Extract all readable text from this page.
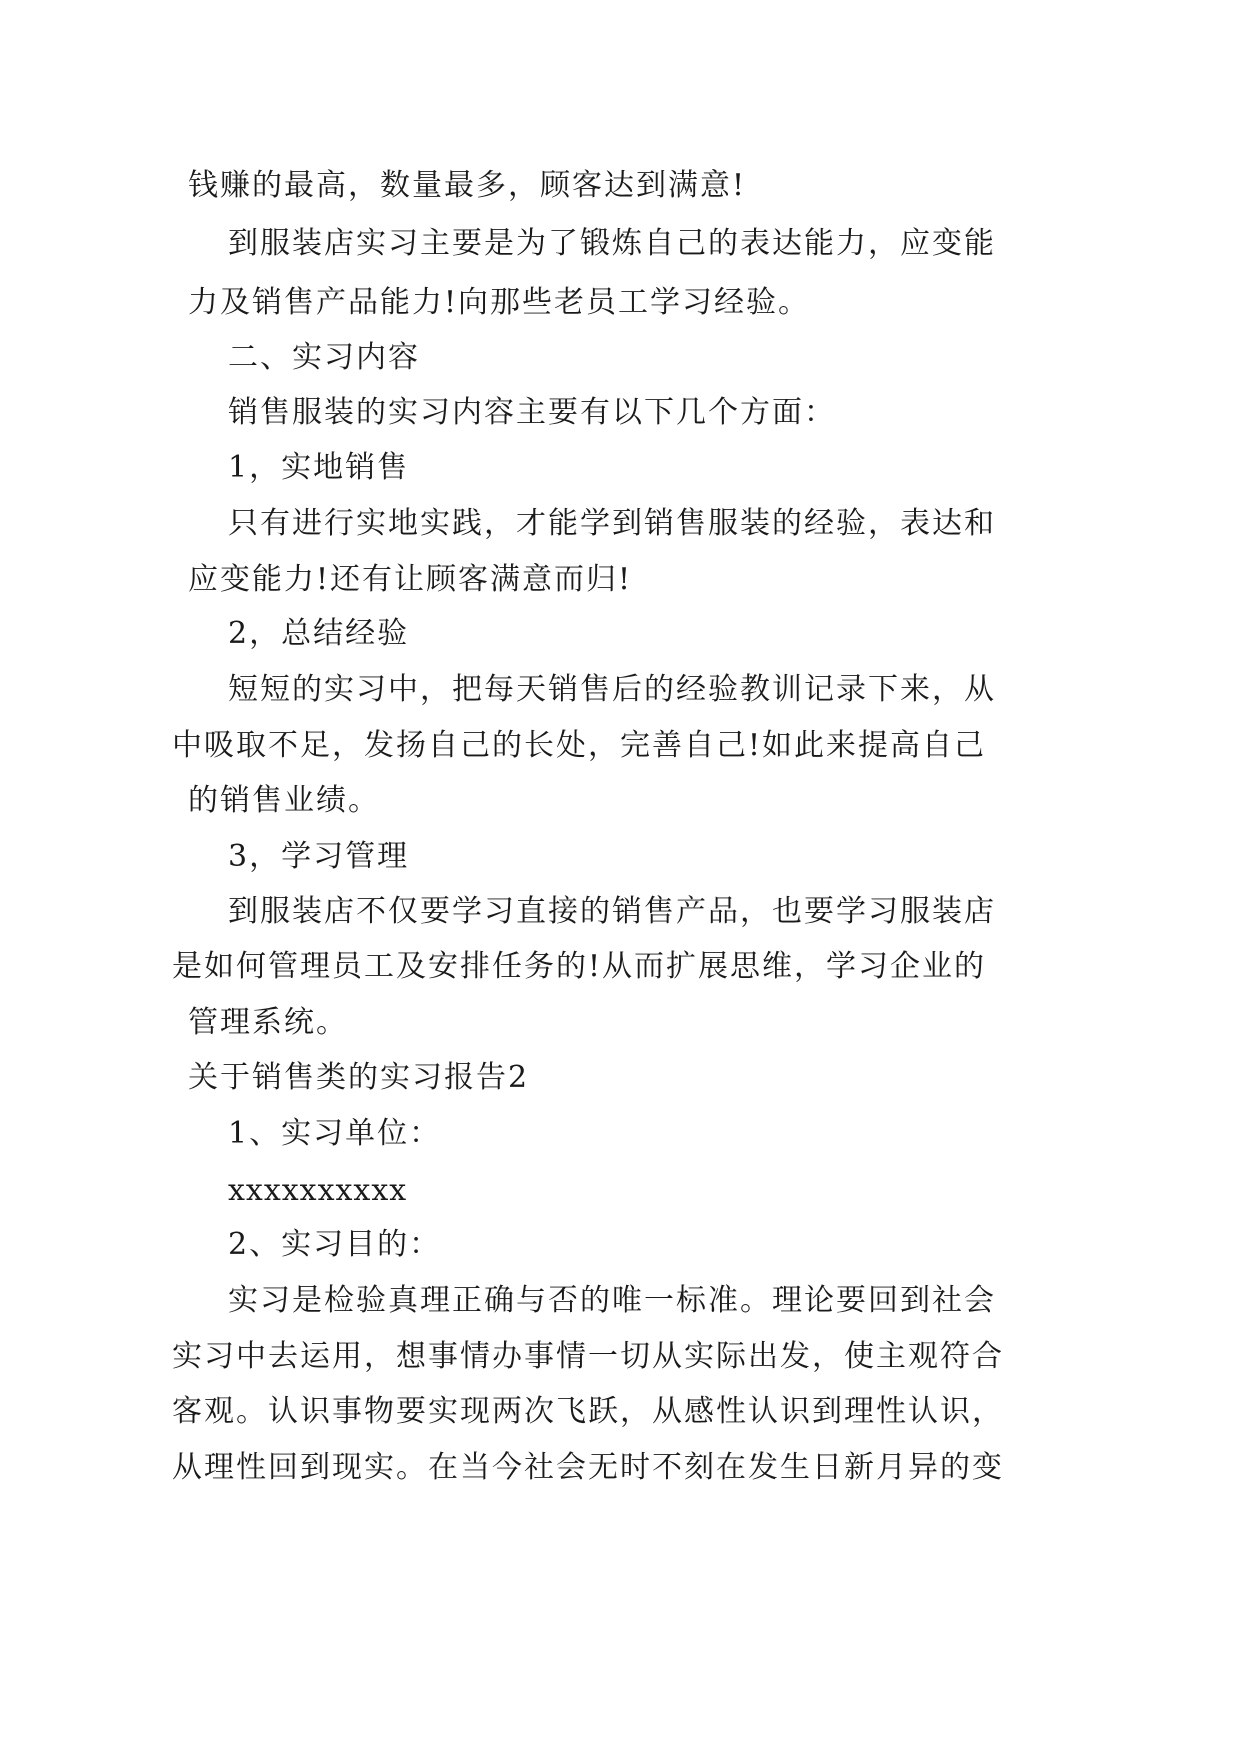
钱赚的最高，数量最多，顾客达到满意!
到服装店实习主要是为了锻炼自己的表达能力，应变能
力及销售产品能力!向那些老员工学习经验。
二、实习内容
销售服装的实习内容主要有以下几个方面：
1，实地销售
只有进行实地实践，才能学到销售服装的经验，表达和
应变能力!还有让顾客满意而归!
2，总结经验
短短的实习中，把每天销售后的经验教训记录下来，从
中吸取不足，发扬自己的长处，完善自己!如此来提高自己
的销售业绩。
3，学习管理
到服装店不仅要学习直接的销售产品，也要学习服装店
是如何管理员工及安排任务的!从而扩展思维，学习企业的
管理系统。
关于销售类的实习报告2
1、实习单位：
xxxxxxxxxx
2、实习目的：
实习是检验真理正确与否的唯一标准。理论要回到社会
实习中去运用，想事情办事情一切从实际出发，使主观符合
客观。认识事物要实现两次飞跃，从感性认识到理性认识，
从理性回到现实。在当今社会无时不刻在发生日新月异的变
